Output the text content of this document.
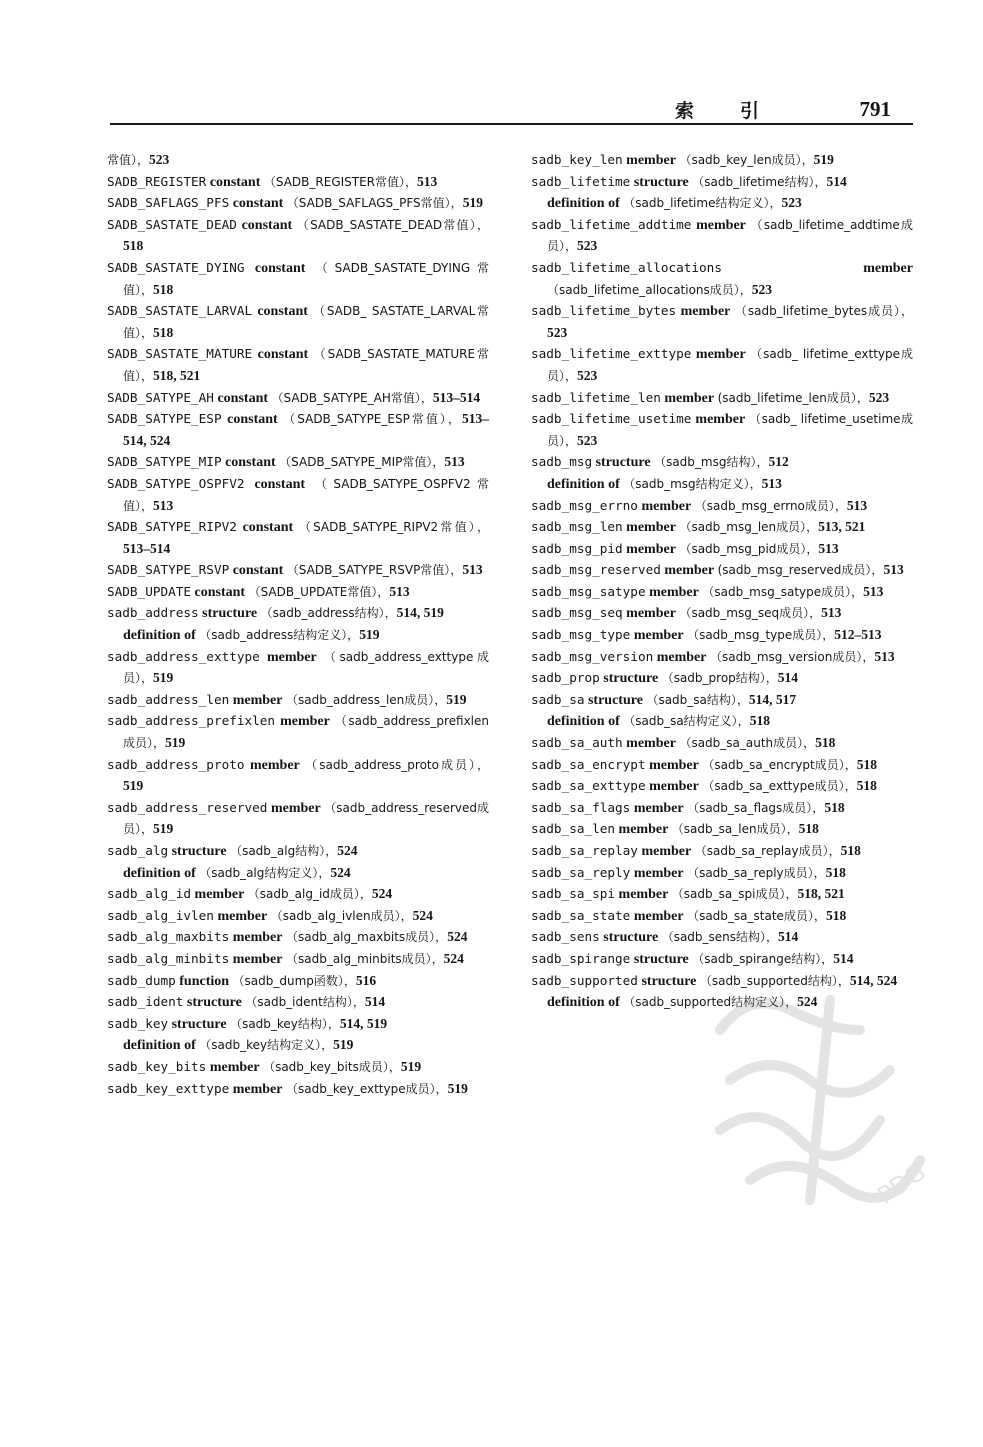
索引	791
常值），523
SADB_REGISTER constant （SADB_REGISTER常值），513
SADB_SAFLAGS_PFS constant （SADB_SAFLAGS_PFS常值），519
SADB_SASTATE_DEAD constant （SADB_SASTATE_DEAD常值），518
SADB_SASTATE_DYING constant （SADB_SASTATE_DYING常值），518
SADB_SASTATE_LARVAL constant （SADB_ SASTATE_LARVAL常值），518
SADB_SASTATE_MATURE constant （SADB_SASTATE_MATURE常值），518, 521
SADB_SATYPE_AH constant （SADB_SATYPE_AH常值），513–514
SADB_SATYPE_ESP constant （SADB_SATYPE_ESP常值），513–514, 524
SADB_SATYPE_MIP constant （SADB_SATYPE_MIP常值），513
SADB_SATYPE_OSPFV2 constant （SADB_SATYPE_OSPFV2常值），513
SADB_SATYPE_RIPV2 constant （SADB_SATYPE_RIPV2常值），513–514
SADB_SATYPE_RSVP constant （SADB_SATYPE_RSVP常值），513
SADB_UPDATE constant （SADB_UPDATE常值），513
sadb_address structure （sadb_address结构），514, 519
definition of （sadb_address结构定义），519
sadb_address_exttype member （sadb_address_exttype成员），519
sadb_address_len member （sadb_address_len成员），519
sadb_address_prefixlen member （sadb_address_prefixlen成员），519
sadb_address_proto member （sadb_address_proto成员），519
sadb_address_reserved member （sadb_address_reserved成员），519
sadb_alg structure （sadb_alg结构），524
definition of （sadb_alg结构定义），524
sadb_alg_id member （sadb_alg_id成员），524
sadb_alg_ivlen member （sadb_alg_ivlen成员），524
sadb_alg_maxbits member （sadb_alg_maxbits成员），524
sadb_alg_minbits member （sadb_alg_minbits成员），524
sadb_dump function （sadb_dump函数），516
sadb_ident structure （sadb_ident结构），514
sadb_key structure （sadb_key结构），514, 519
definition of （sadb_key结构定义），519
sadb_key_bits member （sadb_key_bits成员），519
sadb_key_exttype member （sadb_key_exttype成员），519
sadb_key_len member （sadb_key_len成员），519
sadb_lifetime structure （sadb_lifetime结构），514
definition of （sadb_lifetime结构定义），523
sadb_lifetime_addtime member （sadb_lifetime_addtime成员），523
sadb_lifetime_allocations	member （sadb_lifetime_allocations成员），523
sadb_lifetime_bytes member （sadb_lifetime_bytes成员），523
sadb_lifetime_exttype member （sadb_ lifetime_exttype成员），523
sadb_lifetime_len member (sadb_lifetime_len成员），523
sadb_lifetime_usetime member （sadb_ lifetime_usetime成员），523
sadb_msg structure （sadb_msg结构），512
definition of （sadb_msg结构定义），513
sadb_msg_errno member （sadb_msg_errno成员），513
sadb_msg_len member （sadb_msg_len成员），513, 521
sadb_msg_pid member （sadb_msg_pid成员），513
sadb_msg_reserved member (sadb_msg_reserved成员），513
sadb_msg_satype member （sadb_msg_satype成员），513
sadb_msg_seq member （sadb_msg_seq成员），513
sadb_msg_type member （sadb_msg_type成员），512–513
sadb_msg_version member （sadb_msg_version成员），513
sadb_prop structure （sadb_prop结构），514
sadb_sa structure （sadb_sa结构），514, 517
definition of （sadb_sa结构定义），518
sadb_sa_auth member （sadb_sa_auth成员），518
sadb_sa_encrypt member （sadb_sa_encrypt成员），518
sadb_sa_exttype member （sadb_sa_exttype成员），518
sadb_sa_flags member （sadb_sa_flags成员），518
sadb_sa_len member （sadb_sa_len成员），518
sadb_sa_replay member （sadb_sa_replay成员），518
sadb_sa_reply member （sadb_sa_reply成员），518
sadb_sa_spi member （sadb_sa_spi成员），518, 521
sadb_sa_state member （sadb_sa_state成员），518
sadb_sens structure （sadb_sens结构），514
sadb_spirange structure （sadb_spirange结构），514
sadb_supported structure （sadb_supported结构），514, 524
definition of （sadb_supported结构定义），524
PDG
